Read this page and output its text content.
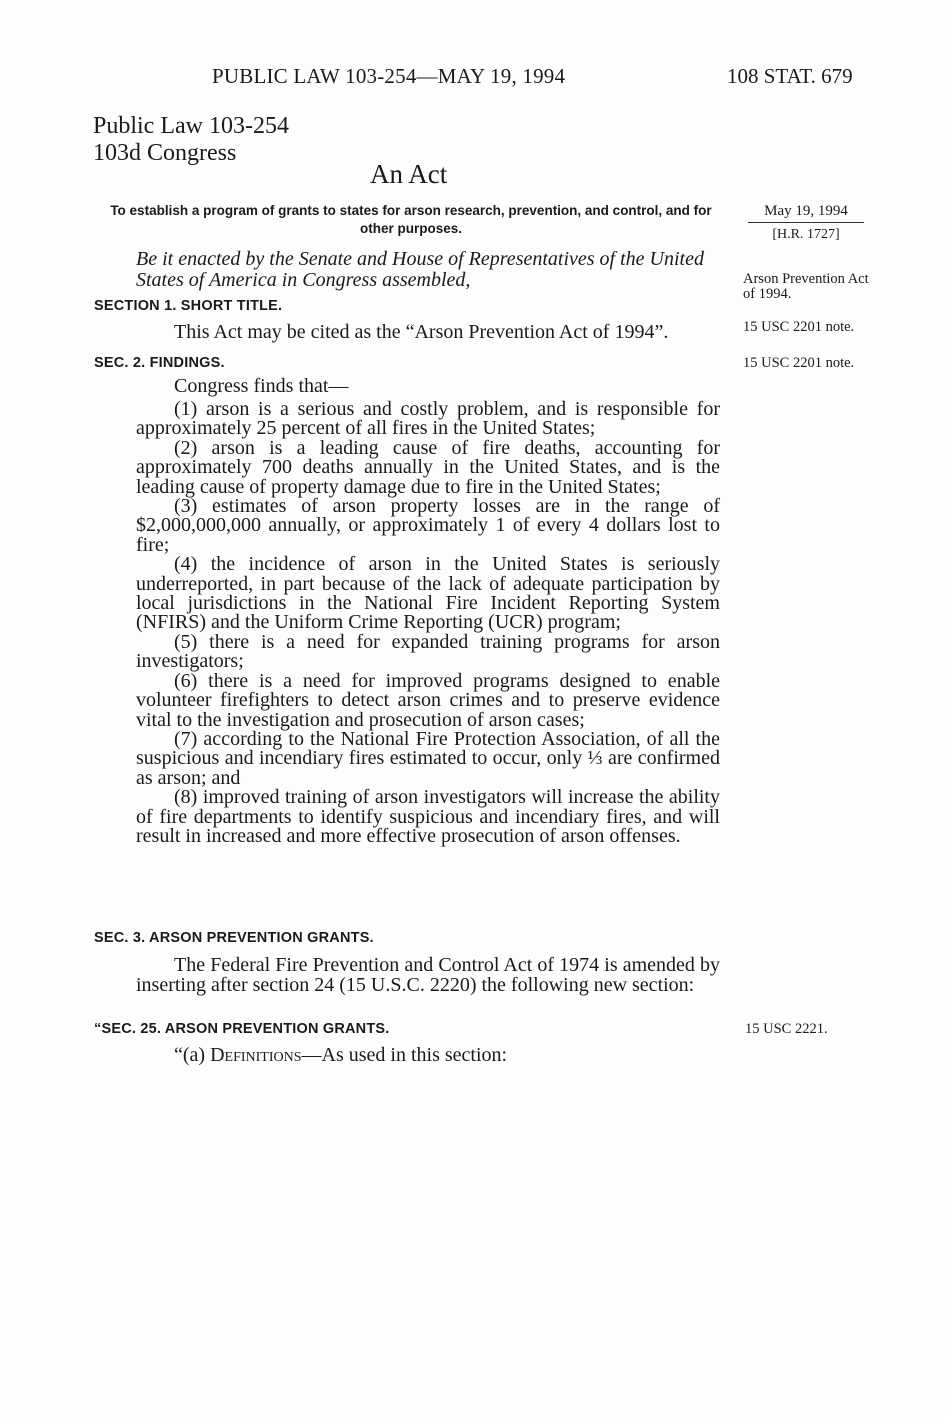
PUBLIC LAW 103-254—MAY 19, 1994	108 STAT. 679
Public Law 103-254
103d Congress
An Act
To establish a program of grants to states for arson research, prevention, and control, and for other purposes.
May 19, 1994
[H.R. 1727]
Be it enacted by the Senate and House of Representatives of the United States of America in Congress assembled,	Arson Prevention Act of 1994.
15 USC 2201 note.
15 USC 2201 note.
SECTION 1. SHORT TITLE.

This Act may be cited as the “Arson Prevention Act of 1994”.

SEC. 2. FINDINGS.

Congress finds that—

(1) arson is a serious and costly problem, and is responsible for approximately 25 percent of all fires in the United States;

(2) arson is a leading cause of fire deaths, accounting for approximately 700 deaths annually in the United States, and is the leading cause of property damage due to fire in the United States;

(3) estimates of arson property losses are in the range of $2,000,000,000 annually, or approximately 1 of every 4 dollars lost to fire;

(4) the incidence of arson in the United States is seriously underreported, in part because of the lack of adequate participation by local jurisdictions in the National Fire Incident Reporting System (NFIRS) and the Uniform Crime Reporting (UCR) program;

(5) there is a need for expanded training programs for arson investigators;

(6) there is a need for improved programs designed to enable volunteer firefighters to detect arson crimes and to preserve evidence vital to the investigation and prosecution of arson cases;

(7) according to the National Fire Protection Association, of all the suspicious and incendiary fires estimated to occur, only ⅓ are confirmed as arson; and

(8) improved training of arson investigators will increase the ability of fire departments to identify suspicious and incendiary fires, and will result in increased and more effective prosecution of arson offenses.

SEC. 3. ARSON PREVENTION GRANTS.

The Federal Fire Prevention and Control Act of 1974 is amended by inserting after section 24 (15 U.S.C. 2220) the following new section:

“SEC. 25. ARSON PREVENTION GRANTS.	15 USC 2221.

“(a) Definitions—As used in this section:
